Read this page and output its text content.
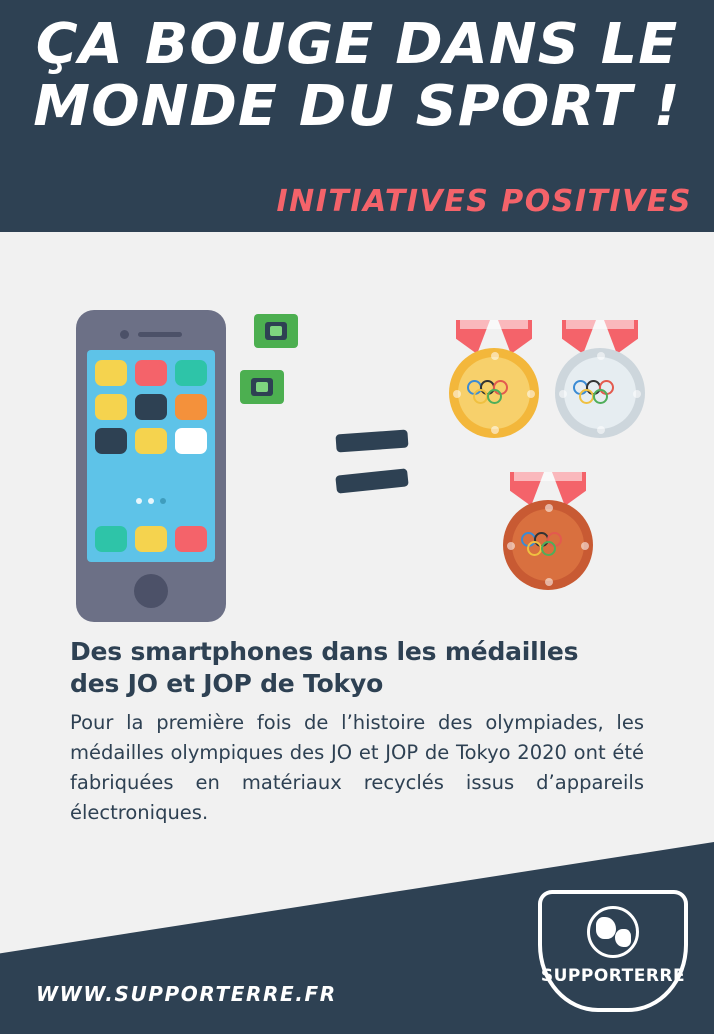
ÇA BOUGE DANS LE
MONDE DU SPORT !
INITIATIVES POSITIVES
Des smartphones dans les médailles
des JO et JOP de Tokyo

Pour la première fois de l’histoire des olympiades, les médailles olympiques des JO et JOP de Tokyo 2020 ont été fabriquées en matériaux recyclés issus d’appareils électroniques.

WWW.SUPPORTERRE.FR
SUPPORTERRE
